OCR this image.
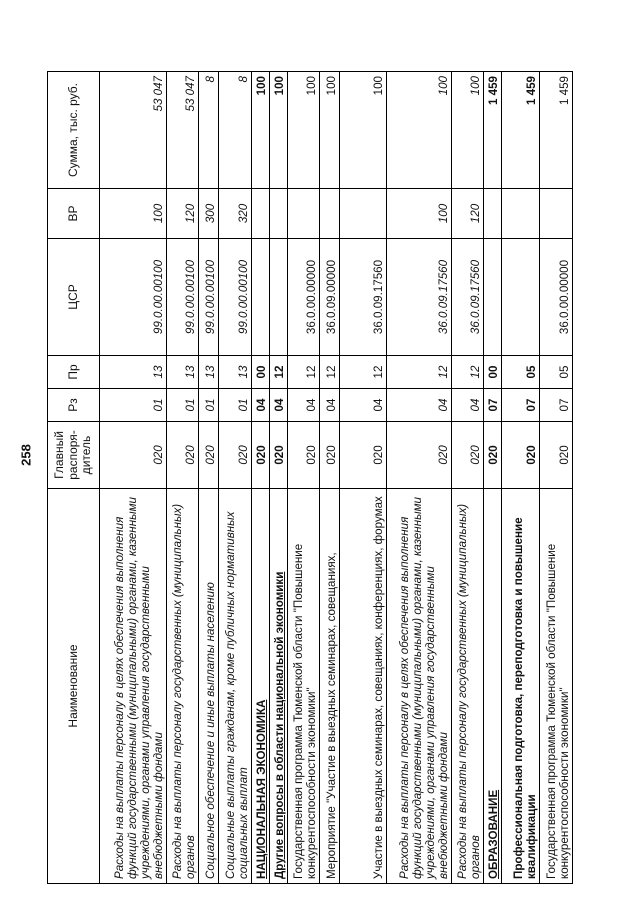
258
Наименование	Главный распоря-дитель	Рз	Пр	ЦСР	ВР	Сумма, тыс. руб.
Расходы на выплаты персоналу в целях обеспечения выполнения функций государственными (муниципальными) органами, казенными учреждениями, органами управления государственными внебюджетными фондами	020	01	13	99.0.00.00100	100	53 047
Расходы на выплаты персоналу государственных (муниципальных) органов	020	01	13	99.0.00.00100	120	53 047
Социальное обеспечение и иные выплаты населению	020	01	13	99.0.00.00100	300	8
Социальные выплаты гражданам, кроме публичных нормативных социальных выплат	020	01	13	99.0.00.00100	320	8
НАЦИОНАЛЬНАЯ ЭКОНОМИКА	020	04	00			100
Другие вопросы в области национальной экономики	020	04	12			100
Государственная программа Тюменской области "Повышение конкурентоспособности экономики"	020	04	12	36.0.00.00000		100
Мероприятие "Участие в выездных семинарах, совещаниях,	020	04	12	36.0.09.00000		100
Участие в выездных семинарах, совещаниях, конференциях, форумах	020	04	12	36.0.09.17560		100
Расходы на выплаты персоналу в целях обеспечения выполнения функций государственными (муниципальными) органами, казенными учреждениями, органами управления государственными внебюджетными фондами	020	04	12	36.0.09.17560	100	100
Расходы на выплаты персоналу государственных (муниципальных) органов	020	04	12	36.0.09.17560	120	100
ОБРАЗОВАНИЕ	020	07	00			1 459
Профессиональная подготовка, переподготовка и повышение квалификации	020	07	05			1 459
Государственная программа Тюменской области "Повышение конкурентоспособности экономики"	020	07	05	36.0.00.00000		1 459
